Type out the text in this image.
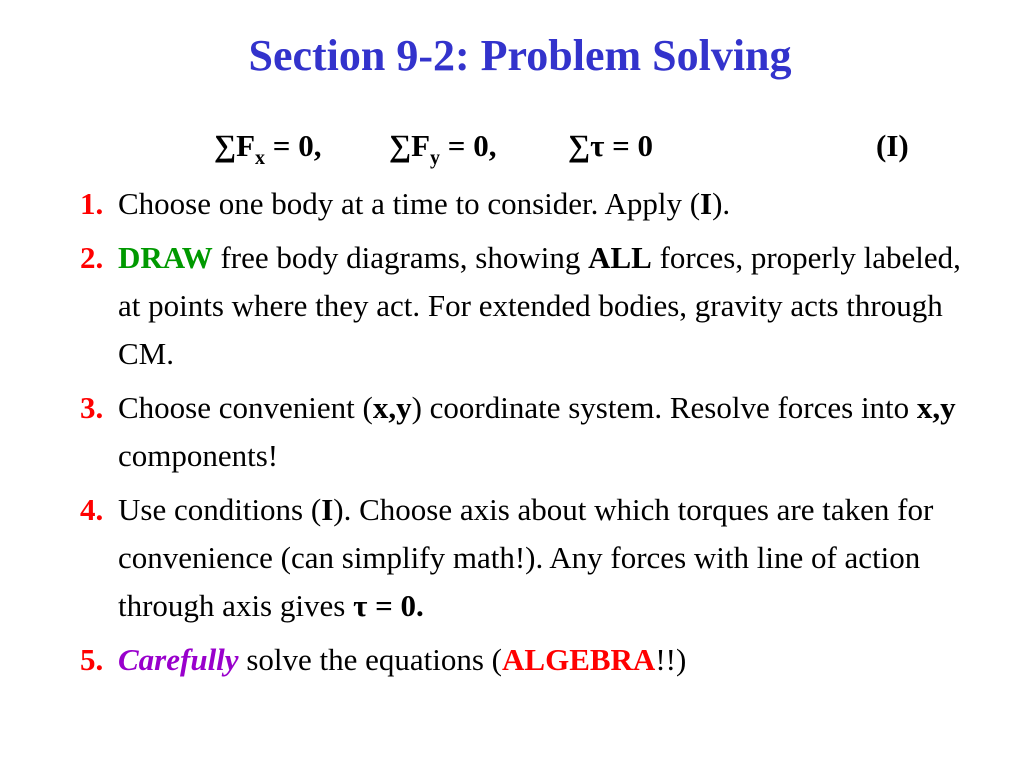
Section 9-2: Problem Solving
$\sum F_x = 0$, $\sum F_y = 0$, ∑τ = 0	(I)
1. Choose one body at a time to consider. Apply (I).
2. DRAW free body diagrams, showing ALL forces, properly labeled, at points where they act. For extended bodies, gravity acts through CM.
3. Choose convenient (x,y) coordinate system. Resolve forces into x,y components!
4. Use conditions (I). Choose axis about which torques are taken for convenience (can simplify math!). Any forces with line of action through axis gives τ = 0.
5. Carefully solve the equations (ALGEBRA!!)
